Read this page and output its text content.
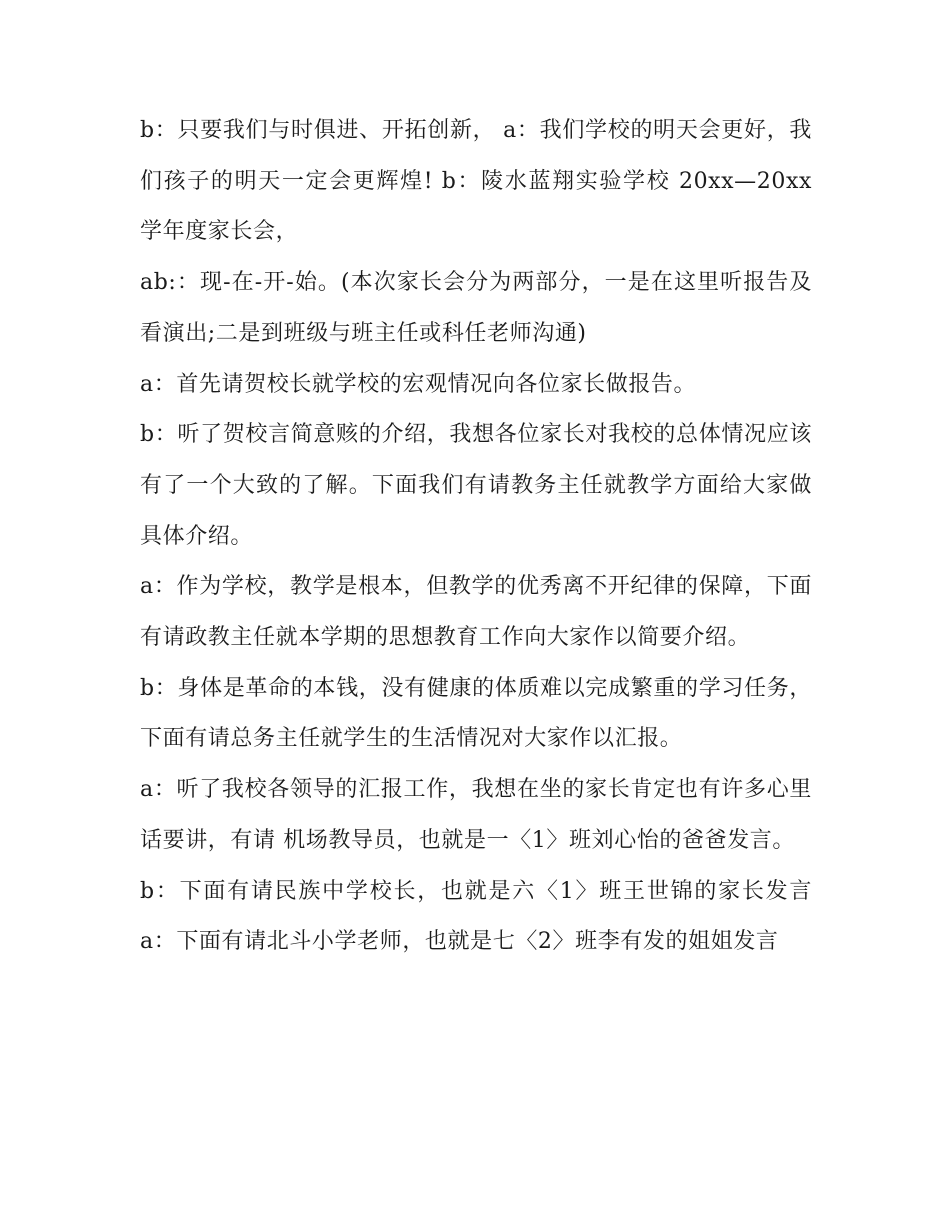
b：只要我们与时俱进、开拓创新， a：我们学校的明天会更好，我们孩子的明天一定会更辉煌! b：陵水蓝翔实验学校 20xx—20xx 学年度家长会，

ab:：现-在-开-始。(本次家长会分为两部分，一是在这里听报告及看演出;二是到班级与班主任或科任老师沟通)

a：首先请贺校长就学校的宏观情况向各位家长做报告。

b：听了贺校言简意赅的介绍，我想各位家长对我校的总体情况应该有了一个大致的了解。下面我们有请教务主任就教学方面给大家做具体介绍。

a：作为学校，教学是根本，但教学的优秀离不开纪律的保障，下面有请政教主任就本学期的思想教育工作向大家作以简要介绍。

b：身体是革命的本钱，没有健康的体质难以完成繁重的学习任务，下面有请总务主任就学生的生活情况对大家作以汇报。

a：听了我校各领导的汇报工作，我想在坐的家长肯定也有许多心里话要讲，有请 机场教导员，也就是一〈1〉班刘心怡的爸爸发言。

b：下面有请民族中学校长，也就是六〈1〉班王世锦的家长发言 a：下面有请北斗小学老师，也就是七〈2〉班李有发的姐姐发言
